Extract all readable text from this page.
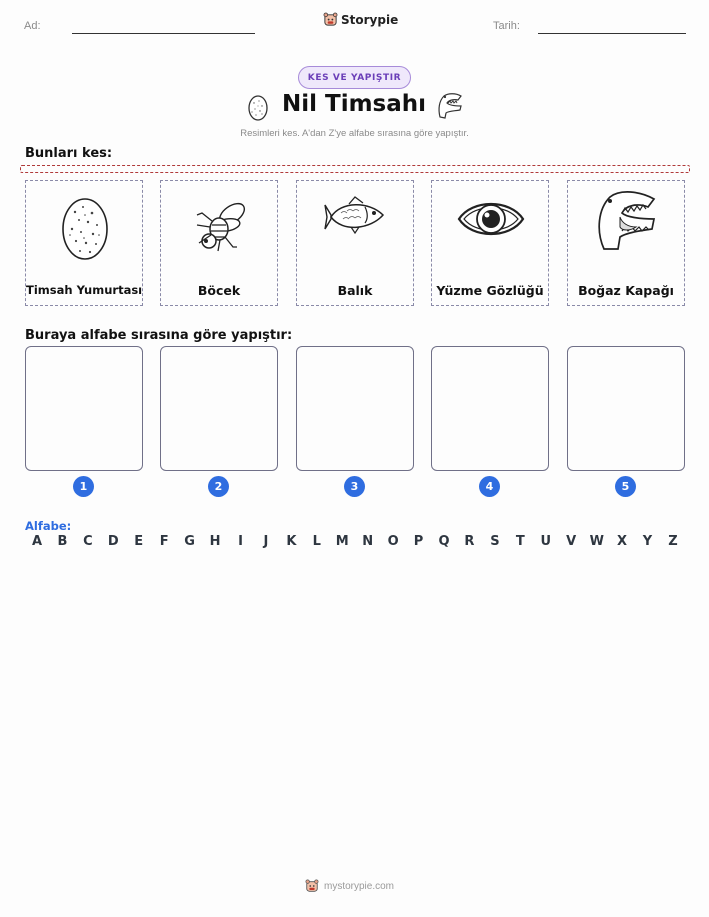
Ad:	Storypie	Tarih:
KES VE YAPIŞTIR
Nil Timsahı
Resimleri kes. A'dan Z'ye alfabe sırasına göre yapıştır.
Bunları kes:
Timsah Yumurtası	Böcek	Balık	Yüzme Gözlüğü	Boğaz Kapağı
Buraya alfabe sırasına göre yapıştır:
1	2	3	4	5
Alfabe:
A B C D E F G H	I	J	K L M N O P Q R S T U V W X Y Z
mystorypie.com
